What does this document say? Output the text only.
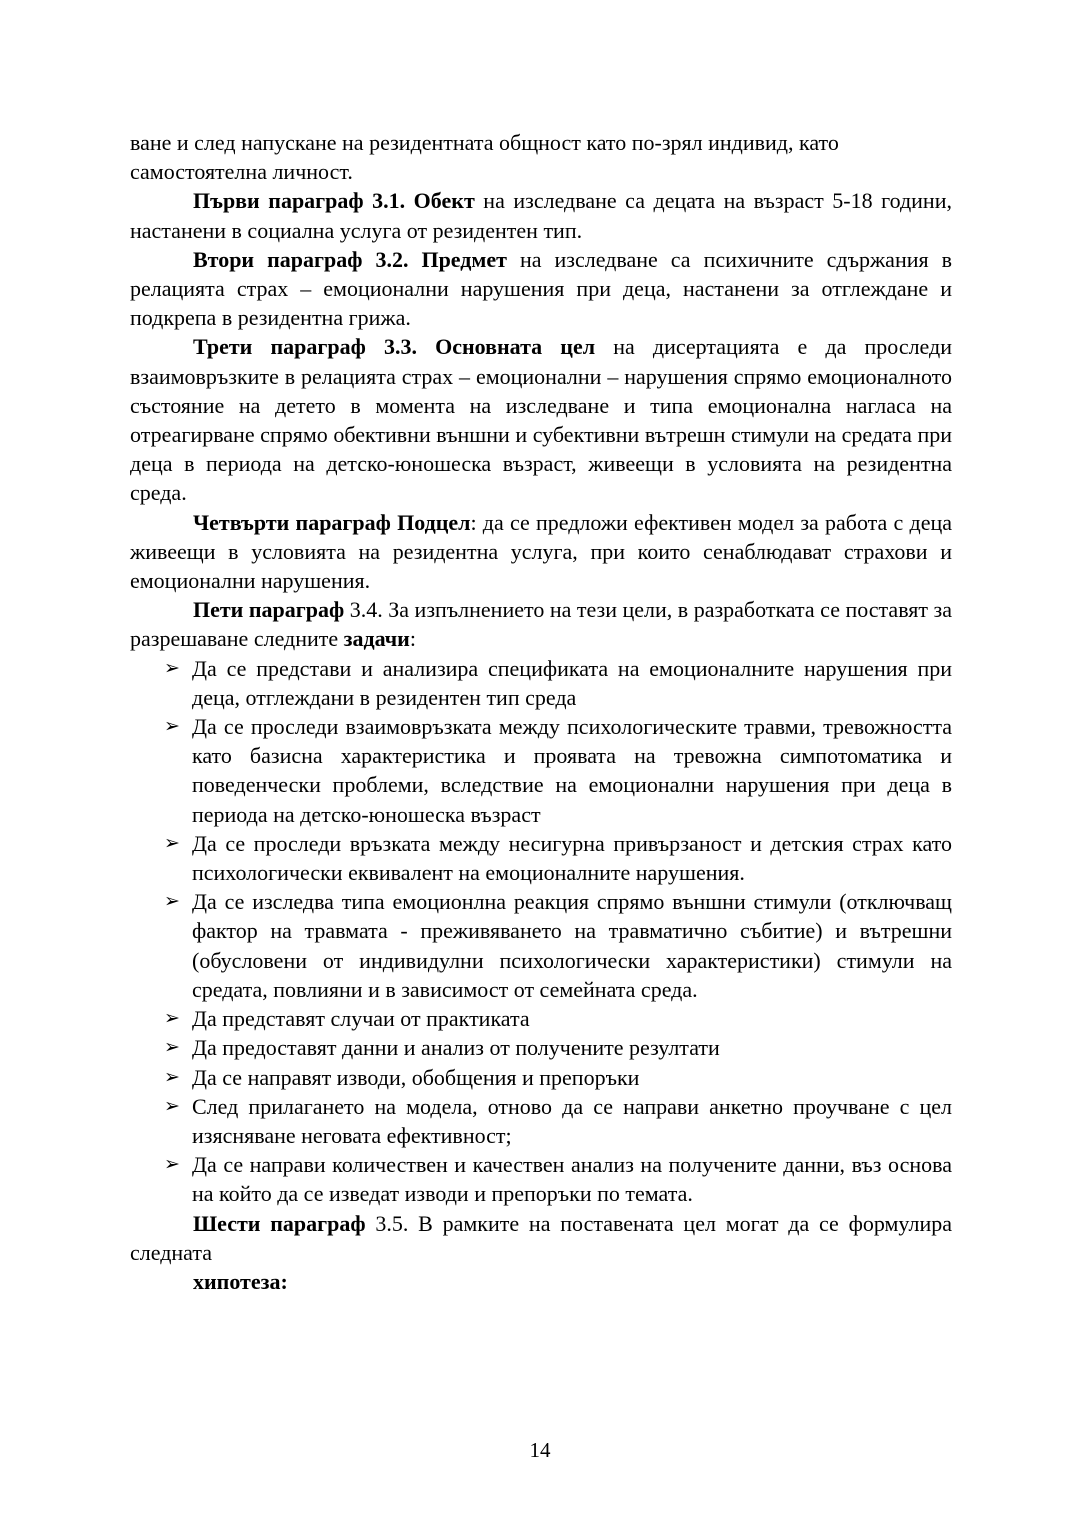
ване и след напускане на резидентната общност като по-зрял индивид, като самостоятелна личност.

Първи параграф 3.1. Обект на изследване са децата на възраст 5-18 години, настанени в социална услуга от резидентен тип.

Втори параграф 3.2. Предмет на изследване са психичните сдържания в релацията страх – емоционални нарушения при деца, настанени за отглеждане и подкрепа в резидентна грижа.

Трети параграф 3.3. Основната цел на дисертацията е да проследи взаимовръзките в релацията страх – емоционални – нарушения спрямо емоционалното състояние на детето в момента на изследване и типа емоционална нагласа на отреагирване спрямо обективни външни и субективни вътрешн стимули на средата при деца в периода на детско-юношеска възраст, живеещи в условията на резидентна среда.

Четвърти параграф Подцел: да се предложи ефективен модел за работа с деца живеещи в условията на резидентна услуга, при които сенаблюдават страхови и емоционални нарушения.

Пети параграф 3.4. За изпълнението на тези цели, в разработката се поставят за разрешаване следните задачи:

➢ Да се представи и анализира спецификата на емоционалните нарушения при деца, отглеждани в резидентен тип среда
➢ Да се проследи взаимовръзката между психологическите травми, тревожността като базисна характеристика и проявата на тревожна симпотоматика и поведенчески проблеми, вследствие на емоционални нарушения при деца в периода на детско-юношеска възраст
➢ Да се проследи връзката между несигурна привързаност и детския страх като психологически еквивалент на емоционалните нарушения.
➢ Да се изследва типа емоционлна реакция спрямо външни стимули (отключващ фактор на травмата - преживяването на травматично събитие) и вътрешни (обусловени от индивидулни психологически характеристики) стимули на средата, повлияни и в зависимост от семейната среда.
➢ Да представят случаи от практиката
➢ Да предоставят данни и анализ от получените резултати
➢ Да се направят изводи, обобщения и препоръки
➢ След прилагането на модела, отново да се направи анкетно проучване с цел изясняване неговата ефективност;
➢ Да се направи количествен и качествен анализ на получените данни, въз основа на който да се изведат изводи и препоръки по темата.

Шести параграф 3.5. В рамките на поставената цел могат да се формулира следната

хипотеза:

14
